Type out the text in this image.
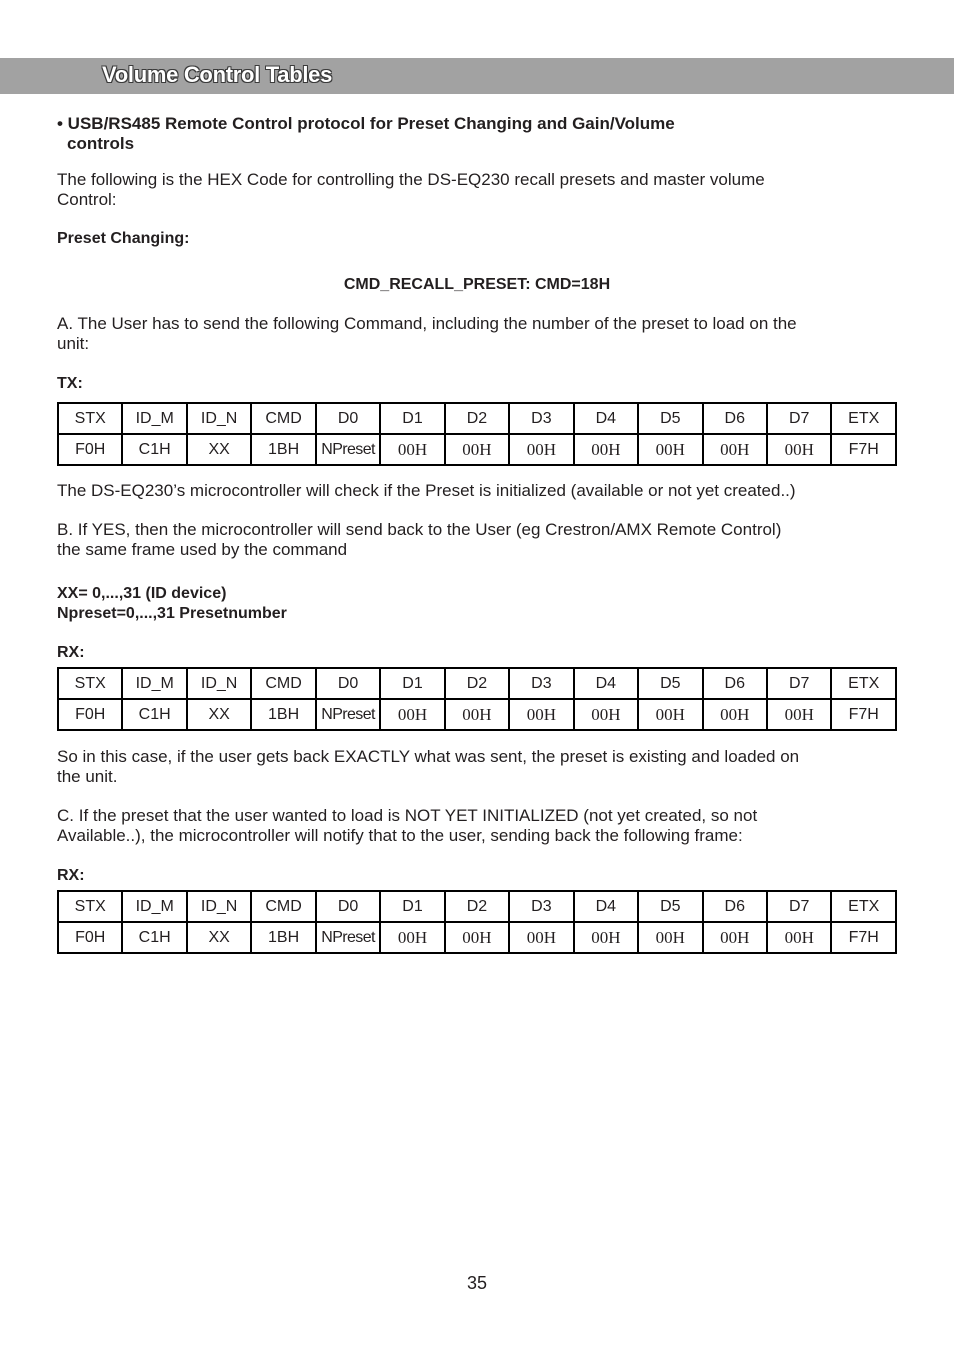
Volume Control Tables
• USB/RS485 Remote Control protocol for Preset Changing and Gain/Volume
controls
The following is the HEX Code for controlling the DS-EQ230 recall presets and master volume
Control:
Preset Changing:
CMD_RECALL_PRESET: CMD=18H
A. The User has to send the following Command, including the number of the preset to load on the
unit:
TX:
STX	ID_M	ID_N	CMD	D0	D1	D2	D3	D4	D5	D6	D7	ETX
F0H	C1H	XX	1BH	NPreset	00H	00H	00H	00H	00H	00H	00H	F7H
The DS-EQ230’s microcontroller will check if the Preset is initialized (available or not yet created..)
B. If YES, then the microcontroller will send back to the User (eg Crestron/AMX Remote Control)
the same frame used by the command
XX= 0,...,31 (ID device)
Npreset=0,...,31 Presetnumber
RX:
STX	ID_M	ID_N	CMD	D0	D1	D2	D3	D4	D5	D6	D7	ETX
F0H	C1H	XX	1BH	NPreset	00H	00H	00H	00H	00H	00H	00H	F7H
So in this case, if the user gets back EXACTLY what was sent, the preset is existing and loaded on
the unit.
C. If the preset that the user wanted to load is NOT YET INITIALIZED (not yet created, so not
Available..), the microcontroller will notify that to the user, sending back the following frame:
RX:
STX	ID_M	ID_N	CMD	D0	D1	D2	D3	D4	D5	D6	D7	ETX
F0H	C1H	XX	1BH	NPreset	00H	00H	00H	00H	00H	00H	00H	F7H
35
